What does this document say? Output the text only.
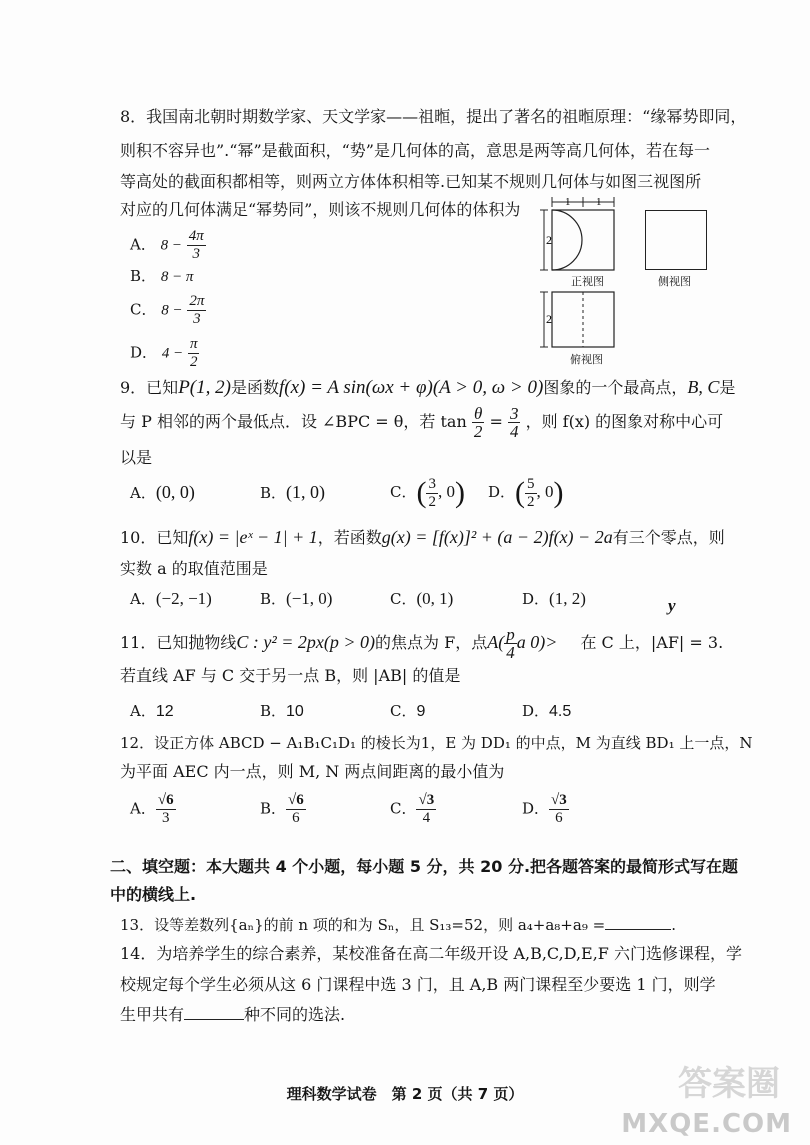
8．我国南北朝时期数学家、天文学家——祖暅，提出了著名的祖暅原理：“缘幂势即同，
则积不容异也”.“幂”是截面积，“势”是几何体的高，意思是两等高几何体，若在每一
等高处的截面积都相等，则两立方体体积相等.已知某不规则几何体与如图三视图所
对应的几何体满足“幂势同”，则该不规则几何体的体积为
A． $8 - \frac{4\pi}{3}$
B． 8 − π
C． $8 - \frac{2\pi}{3}$
D． $4 - \frac{\pi}{2}$
1 1
2
2
正视图	侧视图
俯视图
9．已知P(1, 2)是函数f(x) = A sin(ωx + φ)(A > 0, ω > 0)图象的一个最高点，B, C是
与 P 相邻的两个最低点．设 ∠BPC = θ，若 $\tan \frac{\theta}{2} = \frac{3}{4}$ ，则 f(x) 的图象对称中心可
以是
A．(0, 0)	B．(1, 0)	C．( $\frac{3}{2}$ , 0) D．( $\frac{5}{2}$ , 0)
10．已知f(x) = |eˣ − 1| + 1，若函数g(x) = [f(x)]² + (a − 2)f(x) − 2a有三个零点，则
实数 a 的取值范围是
A．(−2, −1)	B．(−1, 0)	C．(0, 1)	D．(1, 2)	y
11．已知抛物线C : y² = 2px(p > 0)的焦点为 F，点$A( \frac{p}{4}$ a 0)> 在 C 上，|AF| = 3.
若直线 AF 与 C 交于另一点 B，则 |AB| 的值是
A．12	B．10	C．9	D．4.5
12．设正方体 ABCD − A₁B₁C₁D₁ 的棱长为1，E 为 DD₁ 的中点，M 为直线 BD₁ 上一点，N
为平面 AEC 内一点，则 M, N 两点间距离的最小值为
A． $\frac{√6}{3}$	B． $\frac{√6}{6}$	C． $\frac{√3}{4}$	D． $\frac{√3}{6}$
二、填空题：本大题共 4 个小题，每小题 5 分，共 20 分.把各题答案的最简形式写在题
中的横线上.
13．设等差数列{aₙ}的前 n 项的和为 Sₙ，且 S₁₃=52，则 a₄+a₈+a₉ =	.
14．为培养学生的综合素养，某校准备在高二年级开设 A,B,C,D,E,F 六门选修课程，学
校规定每个学生必须从这 6 门课程中选 3 门，且 A,B 两门课程至少要选 1 门，则学
生甲共有	种不同的选法.
理科数学试卷　第 2 页（共 7 页）	答案圈
MXQE.COM
